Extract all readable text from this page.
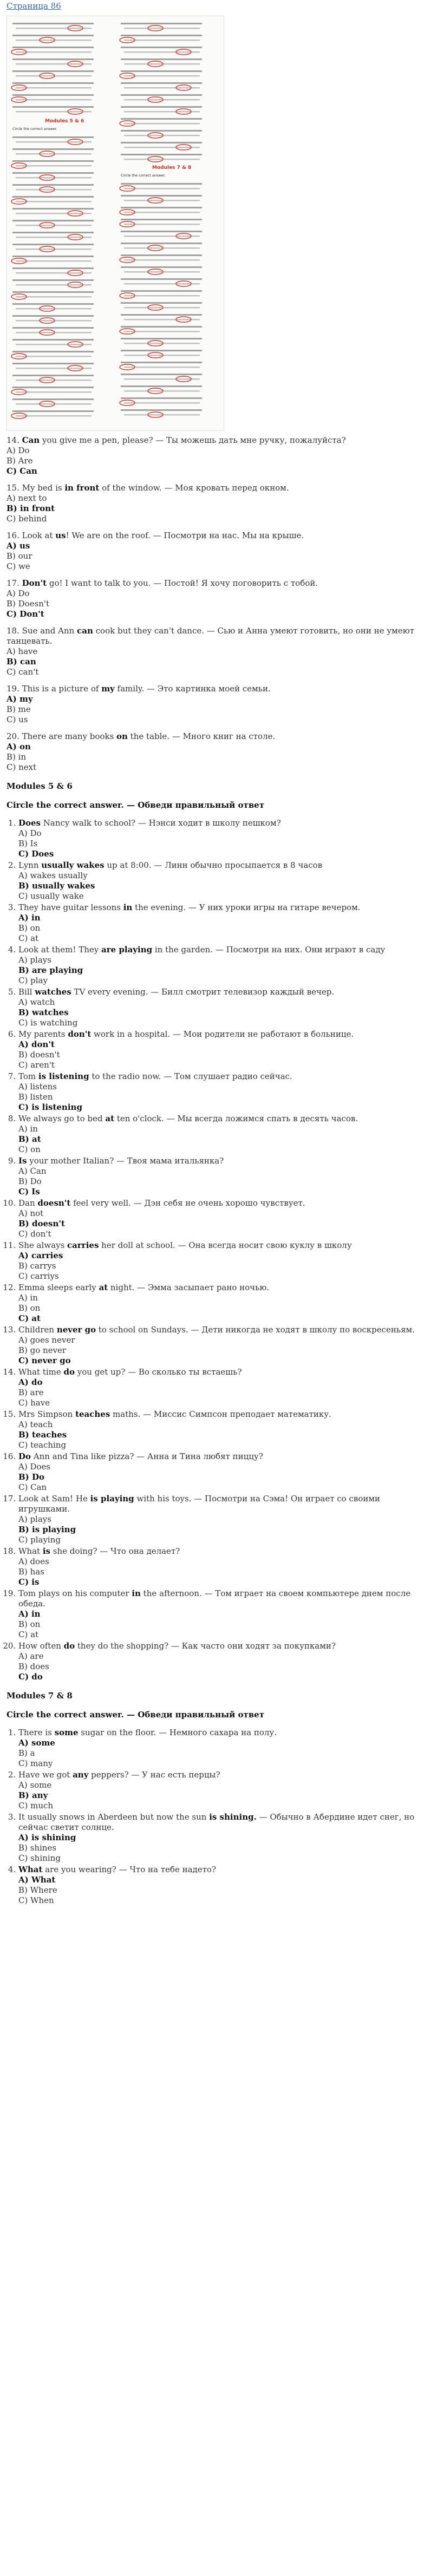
Страница 86
Modules 5 & 6
Circle the correct answer.
Modules 7 & 8
Circle the correct answer.

14. Can you give me a pen, please? — Ты можешь дать мне ручку, пожалуйста?
A) Do
B) Are
C) Can

15. My bed is in front of the window. — Моя кровать перед окном.
A) next to
B) in front
C) behind

16. Look at us! We are on the roof. — Посмотри на нас. Мы на крыше.
A) us
B) our
C) we

17. Don't go! I want to talk to you. — Постой! Я хочу поговорить с тобой.
A) Do
B) Doesn't
C) Don't

18. Sue and Ann can cook but they can't dance. — Сью и Анна умеют готовить, но они не умеют танцевать.
A) have
B) can
C) can't

19. This is a picture of my family. — Это картинка моей семьи.
A) my
B) me
C) us

20. There are many books on the table. — Много книг на столе.
A) on
B) in
C) next

Modules 5 & 6

Circle the correct answer. — Обведи правильный ответ

1. Does Nancy walk to school? — Нэнси ходит в школу пешком?
A) Do
B) Is
C) Does
2. Lynn usually wakes up at 8:00. — Линн обычно просыпается в 8 часов
A) wakes usually
B) usually wakes
C) usually wake
3. They have guitar lessons in the evening. — У них уроки игры на гитаре вечером.
A) in
B) on
C) at
4. Look at them! They are playing in the garden. — Посмотри на них. Они играют в саду
A) plays
B) are playing
C) play
5. Bill watches TV every evening. — Билл смотрит телевизор каждый вечер.
A) watch
B) watches
C) is watching
6. My parents don't work in a hospital. — Мои родители не работают в больнице.
A) don't
B) doesn't
C) aren't
7. Tom is listening to the radio now. — Том слушает радио сейчас.
A) listens
B) listen
C) is listening
8. We always go to bed at ten o'clock. — Мы всегда ложимся спать в десять часов.
A) in
B) at
C) on
9. Is your mother Italian? — Твоя мама итальянка?
A) Can
B) Do
C) Is
10. Dan doesn't feel very well. — Дэн себя не очень хорошо чувствует.
A) not
B) doesn't
C) don't
11. She always carries her doll at school. — Она всегда носит свою куклу в школу
A) carries
B) carrys
C) carriys
12. Emma sleeps early at night. — Эмма засыпает рано ночью.
A) in
B) on
C) at
13. Children never go to school on Sundays. — Дети никогда не ходят в школу по воскресеньям.
A) goes never
B) go never
C) never go
14. What time do you get up? — Во сколько ты встаешь?
A) do
B) are
C) have
15. Mrs Simpson teaches maths. — Миссис Симпсон преподает математику.
A) teach
B) teaches
C) teaching
16. Do Ann and Tina like pizza? — Анна и Тина любят пиццу?
A) Does
B) Do
C) Can
17. Look at Sam! He is playing with his toys. — Посмотри на Сэма! Он играет со своими игрушками.
A) plays
B) is playing
C) playing
18. What is she doing? — Что она делает?
A) does
B) has
C) is
19. Tom plays on his computer in the afternoon. — Том играет на своем компьютере днем после обеда.
A) in
B) on
C) at
20. How often do they do the shopping? — Как часто они ходят за покупками?
A) are
B) does
C) do
Modules 7 & 8

Circle the correct answer. — Обведи правильный ответ

1. There is some sugar on the floor. — Немного сахара на полу.
A) some
B) a
C) many
2. Have we got any peppers? — У нас есть перцы?
A) some
B) any
C) much
3. It usually snows in Aberdeen but now the sun is shining. — Обычно в Абердине идет снег, но сейчас светит солнце.
A) is shining
B) shines
C) shining
4. What are you wearing? — Что на тебе надето?
A) What
B) Where
C) When
